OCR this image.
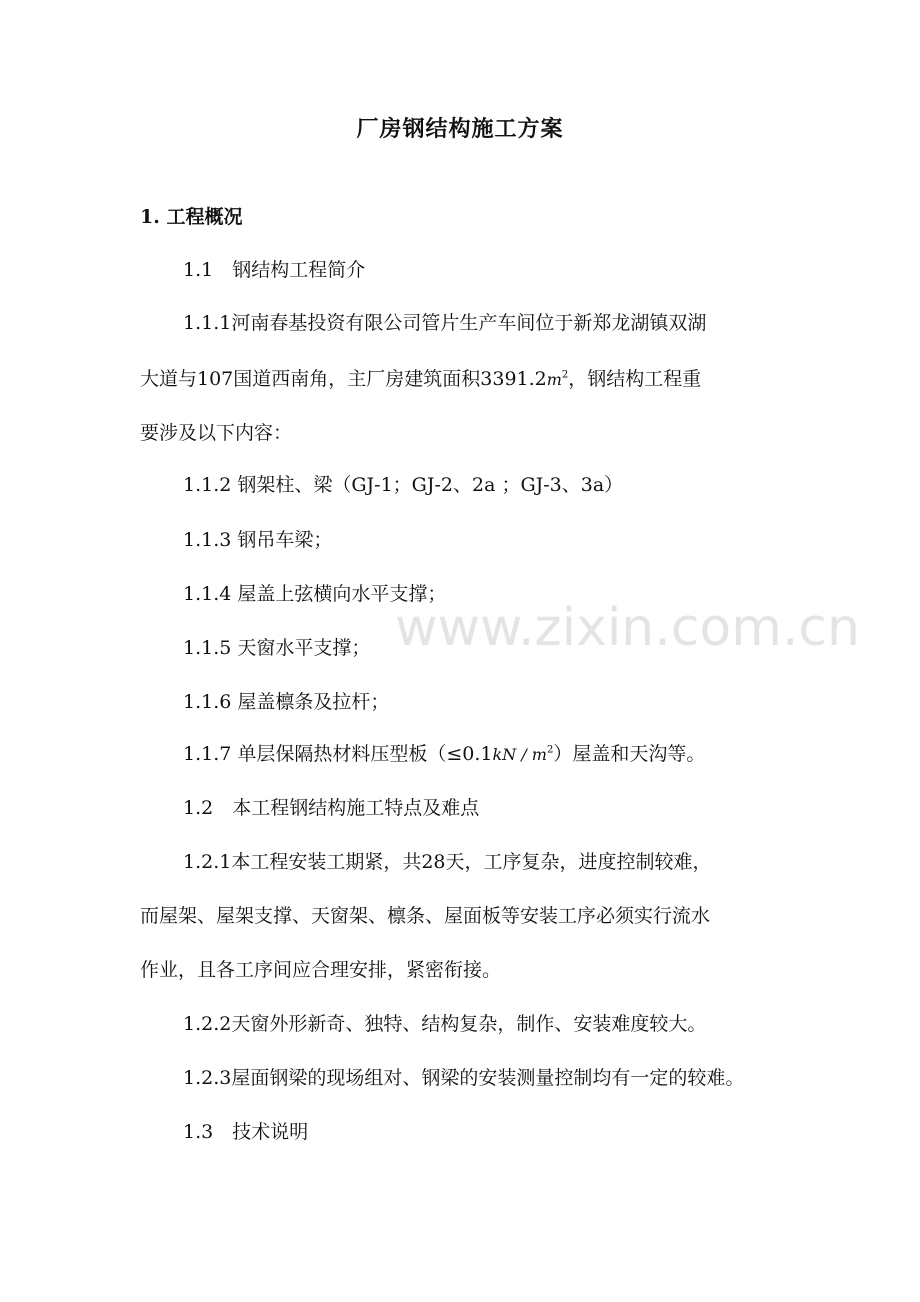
厂房钢结构施工方案
1. 工程概况
1.1　钢结构工程简介
1.1.1河南春基投资有限公司管片生产车间位于新郑龙湖镇双湖
大道与107国道西南角，主厂房建筑面积$3391.2m^2$，钢结构工程重
要涉及以下内容：
1.1.2 钢架柱、梁（GJ-1；GJ-2、2a ；GJ-3、3a）
1.1.3 钢吊车梁；
1.1.4 屋盖上弦横向水平支撑；
1.1.5 天窗水平支撑；
1.1.6 屋盖檩条及拉杆；
1.1.7 单层保隔热材料压型板$(\le 0.1kN / m^2)$屋盖和天沟等。
1.2　本工程钢结构施工特点及难点
1.2.1本工程安装工期紧，共28天，工序复杂，进度控制较难，
而屋架、屋架支撑、天窗架、檩条、屋面板等安装工序必须实行流水
作业，且各工序间应合理安排，紧密衔接。
1.2.2天窗外形新奇、独特、结构复杂，制作、安装难度较大。
1.2.3屋面钢梁的现场组对、钢梁的安装测量控制均有一定的较难。
1.3　技术说明
www.zixin.com.cn
